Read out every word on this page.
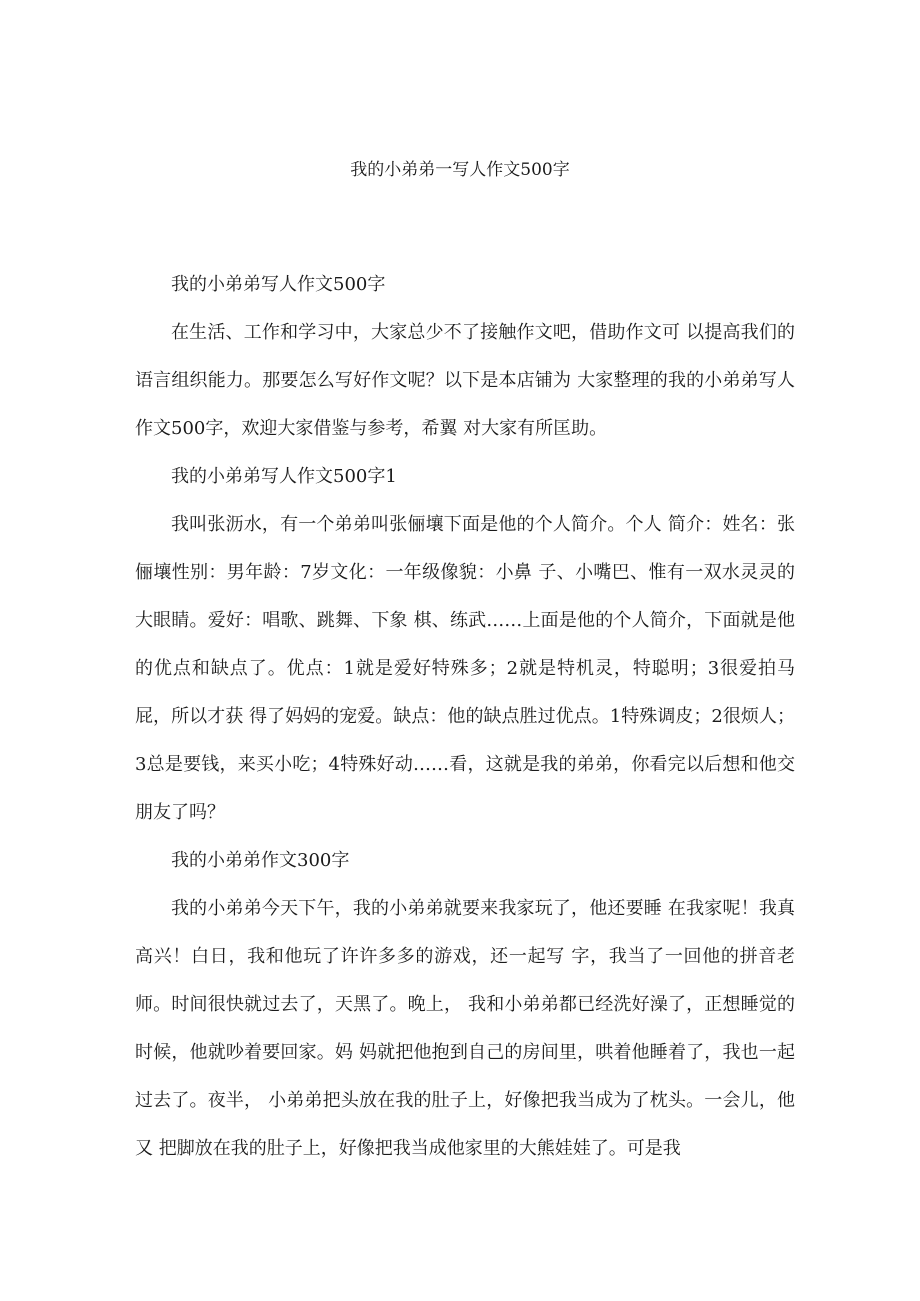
我的小弟弟一写人作文500字

我的小弟弟写人作文500字

在生活、工作和学习中，大家总少不了接触作文吧，借助作文可 以提高我们的语言组织能力。那要怎么写好作文呢？以下是本店铺为 大家整理的我的小弟弟写人作文500字，欢迎大家借鉴与参考，希翼 对大家有所匡助。

我的小弟弟写人作文500字1

我叫张沥水，有一个弟弟叫张俪壤下面是他的个人简介。个人 简介：姓名：张俪壤性别：男年龄：7岁文化：一年级像貌：小鼻 子、小嘴巴、惟有一双水灵灵的大眼睛。爱好：唱歌、跳舞、下象 棋、练武……上面是他的个人简介，下面就是他的优点和缺点了。优点：1就是爱好特殊多；2就是特机灵，特聪明；3很爱拍马屁，所以才获 得了妈妈的宠爱。缺点：他的缺点胜过优点。1特殊调皮；2很烦人；3总是要钱，来买小吃；4特殊好动……看，这就是我的弟弟，你看完以后想和他交朋友了吗？

我的小弟弟作文300字

我的小弟弟今天下午，我的小弟弟就要来我家玩了，他还要睡 在我家呢！我真高兴！白日，我和他玩了许许多多的游戏，还一起写 字，我当了一回他的拼音老师。时间很快就过去了，天黑了。晚上， 我和小弟弟都已经洗好澡了，正想睡觉的时候，他就吵着要回家。妈 妈就把他抱到自己的房间里，哄着他睡着了，我也一起过去了。夜半， 小弟弟把头放在我的肚子上，好像把我当成为了枕头。一会儿，他又 把脚放在我的肚子上，好像把我当成他家里的大熊娃娃了。可是我
